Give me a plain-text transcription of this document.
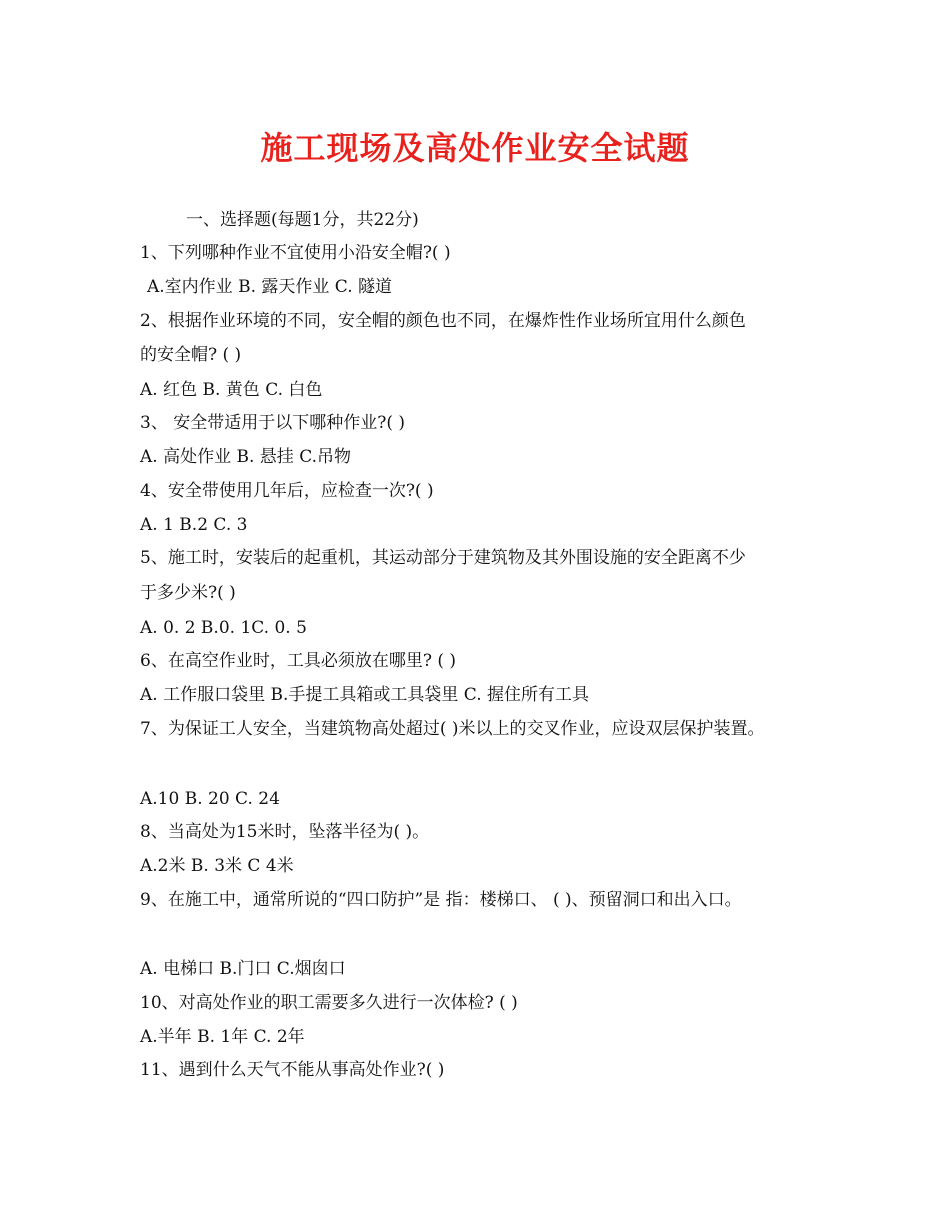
施工现场及高处作业安全试题
一、选择题(每题1分，共22分)
1、下列哪种作业不宜使用小沿安全帽?( )
A.室内作业 B. 露天作业 C. 隧道
2、根据作业环境的不同，安全帽的颜色也不同，在爆炸性作业场所宜用什么颜色
的安全帽? ( )
A. 红色 B. 黄色 C. 白色
3、 安全带适用于以下哪种作业?( )
A. 高处作业 B. 悬挂 C.吊物
4、安全带使用几年后，应检查一次?( )
A. 1 B.2 C. 3
5、施工时，安装后的起重机，其运动部分于建筑物及其外围设施的安全距离不少
于多少米?( )
A. 0. 2 B.0. 1C. 0. 5
6、在高空作业时，工具必须放在哪里? ( )
A. 工作服口袋里 B.手提工具箱或工具袋里 C. 握住所有工具
7、为保证工人安全，当建筑物高处超过( )米以上的交叉作业，应设双层保护装置。
A.10 B. 20 C. 24
8、当高处为15米时，坠落半径为( )。
A.2米 B. 3米 C 4米
9、在施工中，通常所说的“四口防护”是 指：楼梯口、 ( )、预留洞口和出入口。
A. 电梯口 B.门口 C.烟囱口
10、对高处作业的职工需要多久进行一次体检? ( )
A.半年 B. 1年 C. 2年
11、遇到什么天气不能从事高处作业?( )
